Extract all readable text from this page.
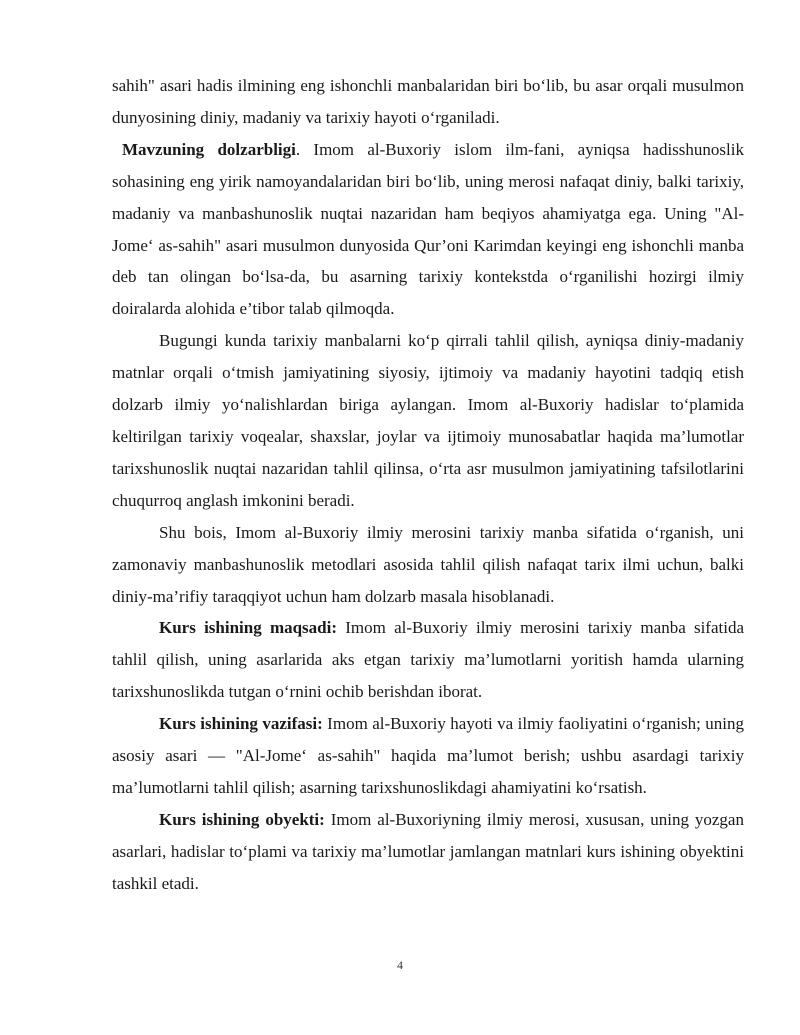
sahih" asari hadis ilmining eng ishonchli manbalaridan biri bo‘lib, bu asar orqali musulmon dunyosining diniy, madaniy va tarixiy hayoti o‘rganiladi.

Mavzuning dolzarbligi. Imom al-Buxoriy islom ilm-fani, ayniqsa hadisshunoslik sohasining eng yirik namoyandalaridan biri bo‘lib, uning merosi nafaqat diniy, balki tarixiy, madaniy va manbashunoslik nuqtai nazaridan ham beqiyos ahamiyatga ega. Uning "Al-Jome‘ as-sahih" asari musulmon dunyosida Qur’oni Karimdan keyingi eng ishonchli manba deb tan olingan bo‘lsa-da, bu asarning tarixiy kontekstda o‘rganilishi hozirgi ilmiy doiralarda alohida e’tibor talab qilmoqda.

Bugungi kunda tarixiy manbalarni ko‘p qirrali tahlil qilish, ayniqsa diniy-madaniy matnlar orqali o‘tmish jamiyatining siyosiy, ijtimoiy va madaniy hayotini tadqiq etish dolzarb ilmiy yo‘nalishlardan biriga aylangan. Imom al-Buxoriy hadislar to‘plamida keltirilgan tarixiy voqealar, shaxslar, joylar va ijtimoiy munosabatlar haqida ma’lumotlar tarixshunoslik nuqtai nazaridan tahlil qilinsa, o‘rta asr musulmon jamiyatining tafsilotlarini chuqurroq anglash imkonini beradi.

Shu bois, Imom al-Buxoriy ilmiy merosini tarixiy manba sifatida o‘rganish, uni zamonaviy manbashunoslik metodlari asosida tahlil qilish nafaqat tarix ilmi uchun, balki diniy-ma’rifiy taraqqiyot uchun ham dolzarb masala hisoblanadi.

Kurs ishining maqsadi: Imom al-Buxoriy ilmiy merosini tarixiy manba sifatida tahlil qilish, uning asarlarida aks etgan tarixiy ma’lumotlarni yoritish hamda ularning tarixshunoslikda tutgan o‘rnini ochib berishdan iborat.

Kurs ishining vazifasi: Imom al-Buxoriy hayoti va ilmiy faoliyatini o‘rganish; uning asosiy asari — "Al-Jome‘ as-sahih" haqida ma’lumot berish; ushbu asardagi tarixiy ma’lumotlarni tahlil qilish; asarning tarixshunoslikdagi ahamiyatini ko‘rsatish.

Kurs ishining obyekti: Imom al-Buxoriyning ilmiy merosi, xususan, uning yozgan asarlari, hadislar to‘plami va tarixiy ma’lumotlar jamlangan matnlari kurs ishining obyektini tashkil etadi.

4
